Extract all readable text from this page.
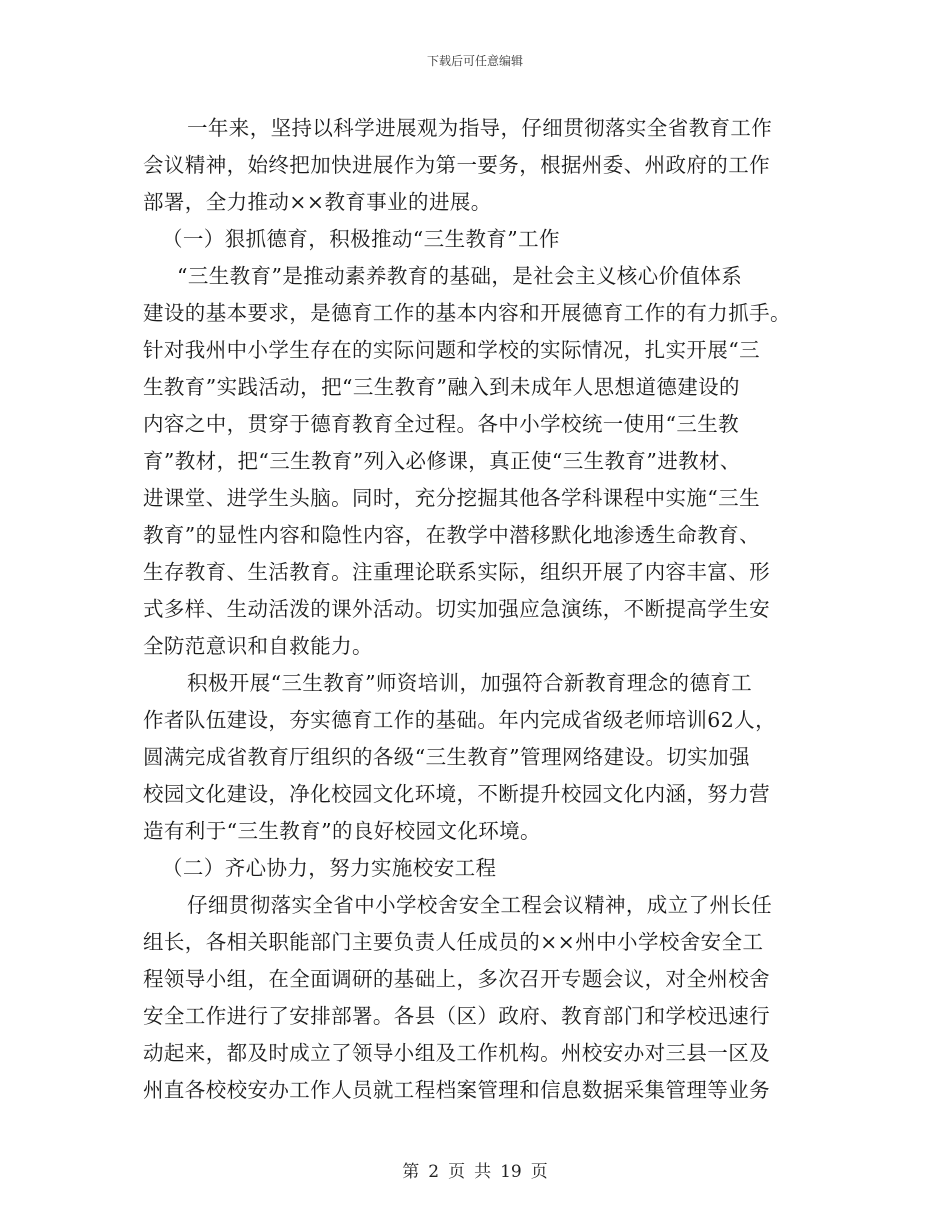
下载后可任意编辑
一年来，坚持以科学进展观为指导，仔细贯彻落实全省教育工作
会议精神，始终把加快进展作为第一要务，根据州委、州政府的工作
部署，全力推动××教育事业的进展。
（一）狠抓德育，积极推动“三生教育”工作
“三生教育”是推动素养教育的基础，是社会主义核心价值体系
建设的基本要求，是德育工作的基本内容和开展德育工作的有力抓手。
针对我州中小学生存在的实际问题和学校的实际情况，扎实开展“三
生教育”实践活动，把“三生教育”融入到未成年人思想道德建设的
内容之中，贯穿于德育教育全过程。各中小学校统一使用“三生教
育”教材，把“三生教育”列入必修课，真正使“三生教育”进教材、
进课堂、进学生头脑。同时，充分挖掘其他各学科课程中实施“三生
教育”的显性内容和隐性内容，在教学中潜移默化地渗透生命教育、
生存教育、生活教育。注重理论联系实际，组织开展了内容丰富、形
式多样、生动活泼的课外活动。切实加强应急演练，不断提高学生安
全防范意识和自救能力。
积极开展“三生教育”师资培训，加强符合新教育理念的德育工
作者队伍建设，夯实德育工作的基础。年内完成省级老师培训62人，
圆满完成省教育厅组织的各级“三生教育”管理网络建设。切实加强
校园文化建设，净化校园文化环境，不断提升校园文化内涵，努力营
造有利于“三生教育”的良好校园文化环境。
（二）齐心协力，努力实施校安工程
仔细贯彻落实全省中小学校舍安全工程会议精神，成立了州长任
组长，各相关职能部门主要负责人任成员的××州中小学校舍安全工
程领导小组，在全面调研的基础上，多次召开专题会议，对全州校舍
安全工作进行了安排部署。各县（区）政府、教育部门和学校迅速行
动起来，都及时成立了领导小组及工作机构。州校安办对三县一区及
州直各校校安办工作人员就工程档案管理和信息数据采集管理等业务
第 2 页 共 19 页
